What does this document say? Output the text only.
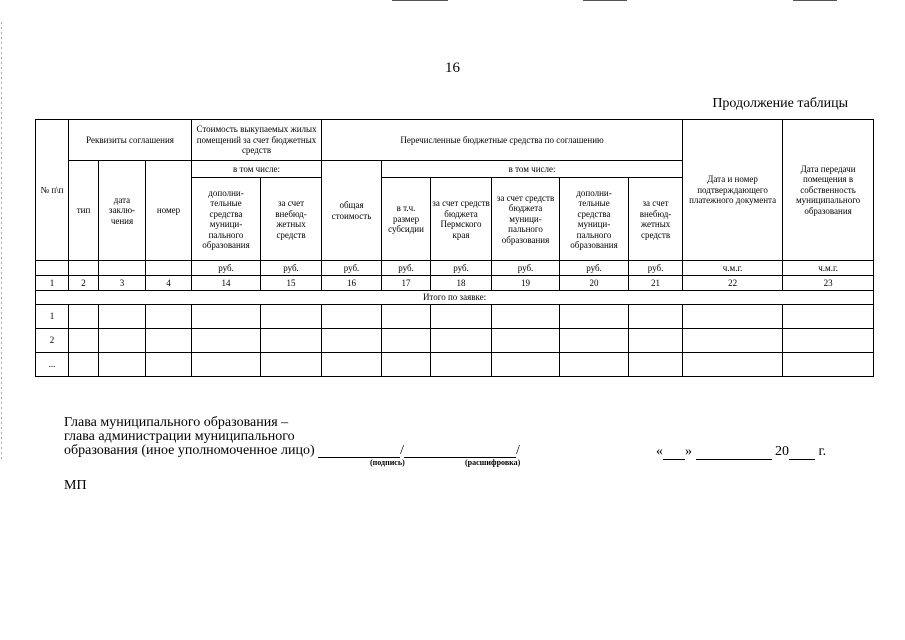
16
Продолжение таблицы
№ п\п	Реквизиты соглашения			Стоимость выкупаемых жилых помещений за счет бюджетных средств		Перечисленные бюджетные средства по соглашению						Дата и номер подтверждающего платежного документа	Дата передачи помещения в собственность муниципального образования
	тип	дата заклю-чения	номер	в том числе:		общая стоимость	в том числе:						
				дополни-тельные средства муници-пального образования	за счет внебюд-жетных средств		в т.ч. размер субсидии	за счет средств бюджета Пермского края	за счет средств бюджета муници-пального образования	дополни-тельные средства муници-пального образования	за счет внебюд-жетных средств		
				руб.	руб.	руб.	руб.	руб.	руб.	руб.	руб.	ч.м.г.	ч.м.г.
1	2	3	4	14	15	16	17	18	19	20	21	22	23
Итого по заявке:													
1													
2													
...													
Глава муниципального образования –
глава администрации муниципального
образования (иное уполномоченное лицо)	/	/
(подпись)	(расшифровка)
« »	20 г.
МП
